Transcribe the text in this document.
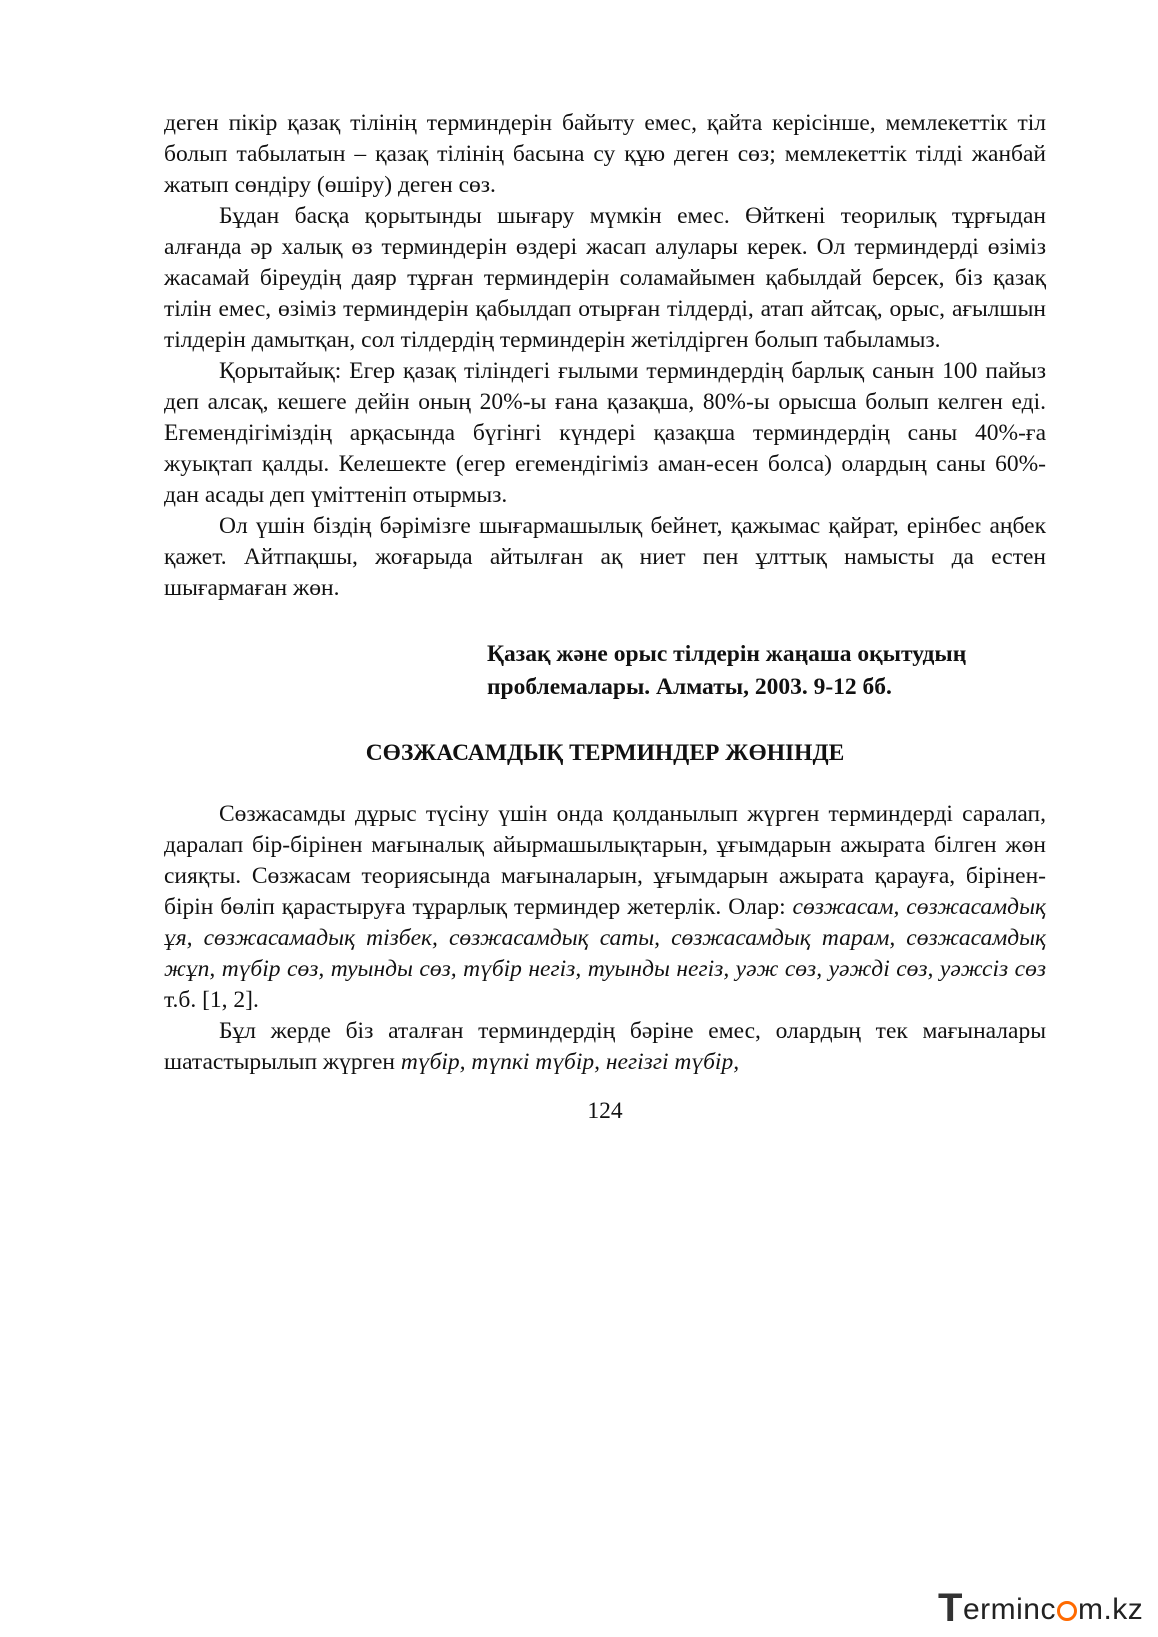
деген пікір қазақ тілінің терминдерін байыту емес, қайта керісінше, мемлекеттік тіл болып табылатын – қазақ тілінің басына су құю деген сөз; мемлекеттік тілді жанбай жатып сөндіру (өшіру) деген сөз.

Бұдан басқа қорытынды шығару мүмкін емес. Өйткені теорилық тұрғыдан алғанда әр халық өз терминдерін өздері жасап алулары керек. Ол терминдерді өзіміз жасамай біреудің даяр тұрған терминдерін соламайымен қабылдай берсек, біз қазақ тілін емес, өзіміз терминдерін қабылдап отырған тілдерді, атап айтсақ, орыс, ағылшын тілдерін дамытқан, сол тілдердің терминдерін жетілдірген болып табыламыз.

Қорытайық: Егер қазақ тіліндегі ғылыми терминдердің барлық санын 100 пайыз деп алсақ, кешеге дейін оның 20%-ы ғана қазақша, 80%-ы орысша болып келген еді. Егемендігіміздің арқасында бүгінгі күндері қазақша терминдердің саны 40%-ға жуықтап қалды. Келешекте (егер егемендігіміз аман-есен болса) олардың саны 60%-дан асады деп үміттеніп отырмыз.

Ол үшін біздің бәрімізге шығармашылық бейнет, қажымас қайрат, ерінбес аңбек қажет. Айтпақшы, жоғарыда айтылған ақ ниет пен ұлттық намысты да естен шығармаған жөн.

Қазақ және орыс тілдерін жаңаша оқытудың
проблемалары. Алматы, 2003. 9-12 бб.
СӨЗЖАСАМДЫҚ ТЕРМИНДЕР ЖӨНІНДЕ

Сөзжасамды дұрыс түсіну үшін онда қолданылып жүрген терминдерді саралап, даралап бір-бірінен мағыналық айырмашылықтарын, ұғымдарын ажырата білген жөн сияқты. Сөзжасам теориясында мағыналарын, ұғымдарын ажырата қарауға, бірінен-бірін бөліп қарастыруға тұрарлық терминдер жетерлік. Олар: сөзжасам, сөзжасамдық ұя, сөзжасамадық тізбек, сөзжасамдық саты, сөзжасамдық тарам, сөзжасамдық жұп, түбір сөз, туынды сөз, түбір негіз, туынды негіз, уәж сөз, уәжді сөз, уәжсіз сөз т.б. [1, 2].

Бұл жерде біз аталған терминдердің бәріне емес, олардың тек мағыналары шатастырылып жүрген түбір, түпкі түбір, негізгі түбір,

124
Terminc m.kz
